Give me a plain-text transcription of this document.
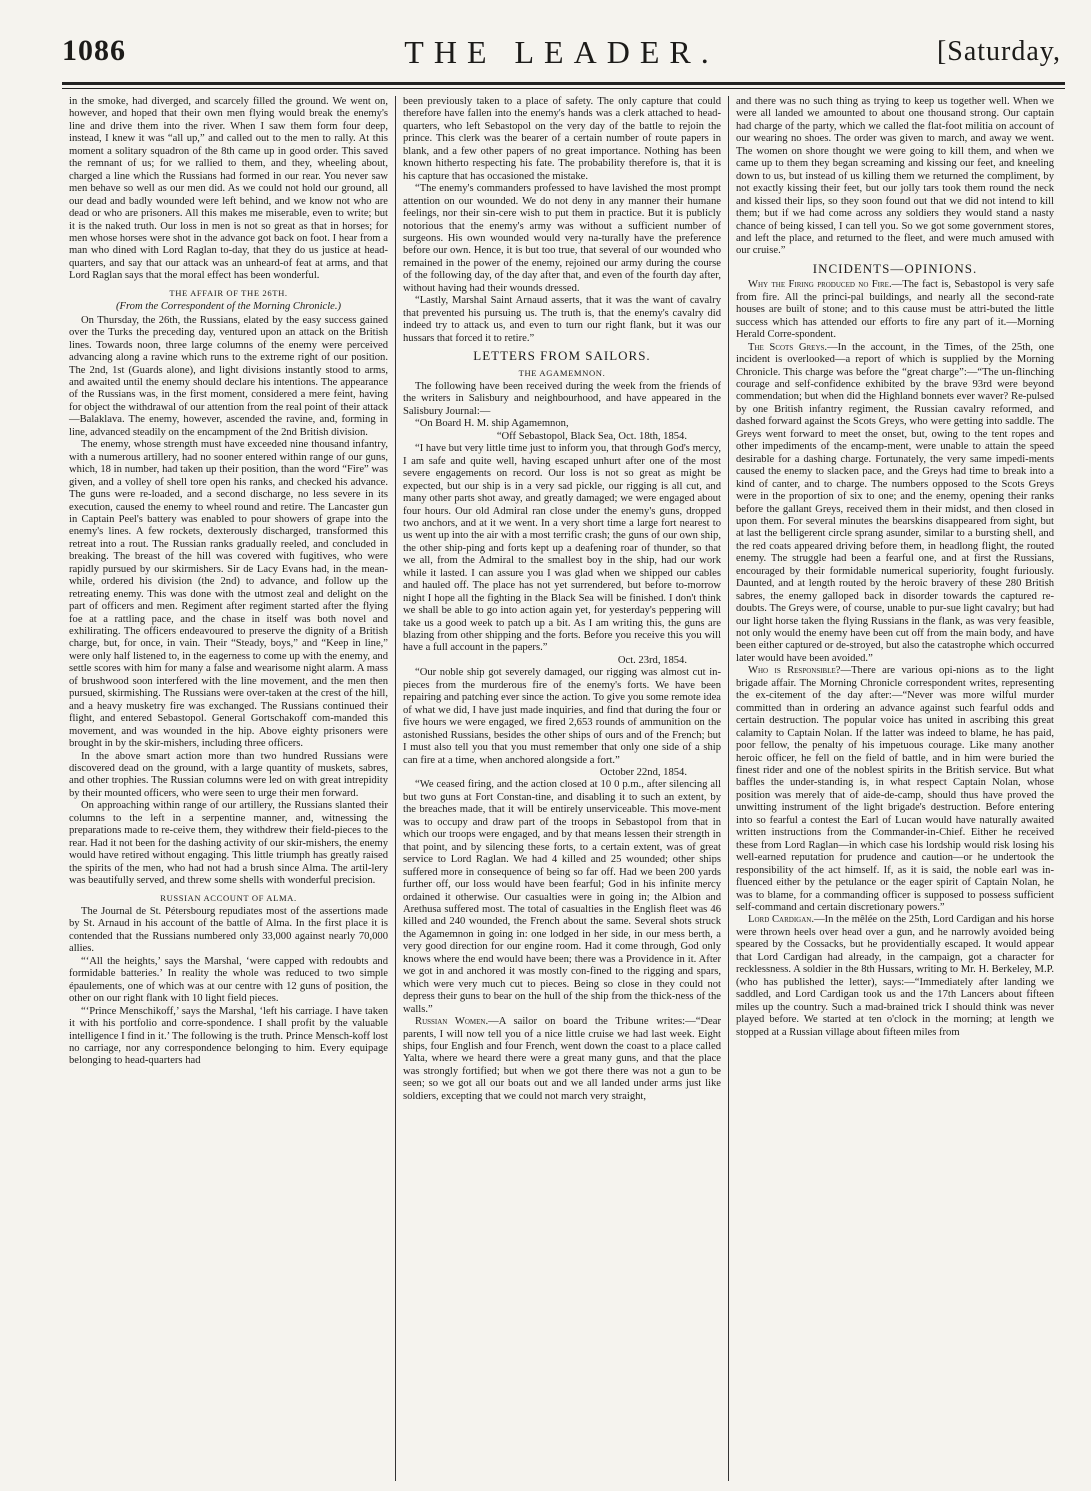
1086	THE LEADER.	[Saturday,

in the smoke, had diverged, and scarcely filled the ground. We went on, however, and hoped that their own men flying would break the enemy's line and drive them into the river. When I saw them form four deep, instead, I knew it was “all up,” and called out to the men to rally. At this moment a solitary squadron of the 8th came up in good order. This saved the remnant of us; for we rallied to them, and they, wheeling about, charged a line which the Russians had formed in our rear. You never saw men behave so well as our men did. As we could not hold our ground, all our dead and badly wounded were left behind, and we know not who are dead or who are prisoners. All this makes me miserable, even to write; but it is the naked truth. Our loss in men is not so great as that in horses; for men whose horses were shot in the advance got back on foot. I hear from a man who dined with Lord Raglan to-day, that they do us justice at head-quarters, and say that our attack was an unheard-of feat at arms, and that Lord Raglan says that the moral effect has been wonderful.

THE AFFAIR OF THE 26TH.
(From the Correspondent of the Morning Chronicle.)

On Thursday, the 26th, the Russians, elated by the easy success gained over the Turks the preceding day, ventured upon an attack on the British lines. Towards noon, three large columns of the enemy were perceived advancing along a ravine which runs to the extreme right of our position. The 2nd, 1st (Guards alone), and light divisions instantly stood to arms, and awaited until the enemy should declare his intentions. The appearance of the Russians was, in the first moment, considered a mere feint, having for object the withdrawal of our attention from the real point of their attack—Balaklava. The enemy, however, ascended the ravine, and, forming in line, advanced steadily on the encampment of the 2nd British division.

The enemy, whose strength must have exceeded nine thousand infantry, with a numerous artillery, had no sooner entered within range of our guns, which, 18 in number, had taken up their position, than the word “Fire” was given, and a volley of shell tore open his ranks, and checked his advance. The guns were re-loaded, and a second discharge, no less severe in its execution, caused the enemy to wheel round and retire. The Lancaster gun in Captain Peel's battery was enabled to pour showers of grape into the enemy's lines. A few rockets, dexterously discharged, transformed this retreat into a rout. The Russian ranks gradually reeled, and concluded in breaking. The breast of the hill was covered with fugitives, who were rapidly pursued by our skirmishers. Sir de Lacy Evans had, in the mean-while, ordered his division (the 2nd) to advance, and follow up the retreating enemy. This was done with the utmost zeal and delight on the part of officers and men. Regiment after regiment started after the flying foe at a rattling pace, and the chase in itself was both novel and exhilirating. The officers endeavoured to preserve the dignity of a British charge, but, for once, in vain. Their “Steady, boys,” and “Keep in line,” were only half listened to, in the eagerness to come up with the enemy, and settle scores with him for many a false and wearisome night alarm. A mass of brushwood soon interfered with the line movement, and the men then pursued, skirmishing. The Russians were over-taken at the crest of the hill, and a heavy musketry fire was exchanged. The Russians continued their flight, and entered Sebastopol. General Gortschakoff com-manded this movement, and was wounded in the hip. Above eighty prisoners were brought in by the skir-mishers, including three officers.

In the above smart action more than two hundred Russians were discovered dead on the ground, with a large quantity of muskets, sabres, and other trophies. The Russian columns were led on with great intrepidity by their mounted officers, who were seen to urge their men forward.

On approaching within range of our artillery, the Russians slanted their columns to the left in a serpentine manner, and, witnessing the preparations made to re-ceive them, they withdrew their field-pieces to the rear. Had it not been for the dashing activity of our skir-mishers, the enemy would have retired without engaging. This little triumph has greatly raised the spirits of the men, who had not had a brush since Alma. The artil-lery was beautifully served, and threw some shells with wonderful precision.

RUSSIAN ACCOUNT OF ALMA.

The Journal de St. Pétersbourg repudiates most of the assertions made by St. Arnaud in his account of the battle of Alma. In the first place it is contended that the Russians numbered only 33,000 against nearly 70,000 allies.

“‘All the heights,’ says the Marshal, ‘were capped with redoubts and formidable batteries.’ In reality the whole was reduced to two simple épaulements, one of which was at our centre with 12 guns of position, the other on our right flank with 10 light field pieces.

“‘Prince Menschikoff,’ says the Marshal, ‘left his carriage. I have taken it with his portfolio and corre-spondence. I shall profit by the valuable intelligence I find in it.’ The following is the truth. Prince Mensch-koff lost no carriage, nor any correspondence belonging to him. Every equipage belonging to head-quarters had

been previously taken to a place of safety. The only capture that could therefore have fallen into the enemy's hands was a clerk attached to head-quarters, who left Sebastopol on the very day of the battle to rejoin the prince. This clerk was the bearer of a certain number of route papers in blank, and a few other papers of no great importance. Nothing has been known hitherto respecting his fate. The probability therefore is, that it is his capture that has occasioned the mistake.

“The enemy's commanders professed to have lavished the most prompt attention on our wounded. We do not deny in any manner their humane feelings, nor their sin-cere wish to put them in practice. But it is publicly notorious that the enemy's army was without a sufficient number of surgeons. His own wounded would very na-turally have the preference before our own. Hence, it is but too true, that several of our wounded who remained in the power of the enemy, rejoined our army during the course of the following day, of the day after that, and even of the fourth day after, without having had their wounds dressed.

“Lastly, Marshal Saint Arnaud asserts, that it was the want of cavalry that prevented his pursuing us. The truth is, that the enemy's cavalry did indeed try to attack us, and even to turn our right flank, but it was our hussars that forced it to retire.”

LETTERS FROM SAILORS.
THE AGAMEMNON.

The following have been received during the week from the friends of the writers in Salisbury and neighbourhood, and have appeared in the Salisbury Journal:—

“On Board H. M. ship Agamemnon,

“Off Sebastopol, Black Sea, Oct. 18th, 1854.

“I have but very little time just to inform you, that through God's mercy, I am safe and quite well, having escaped unhurt after one of the most severe engagements on record. Our loss is not so great as might be expected, but our ship is in a very sad pickle, our rigging is all cut, and many other parts shot away, and greatly damaged; we were engaged about four hours. Our old Admiral ran close under the enemy's guns, dropped two anchors, and at it we went. In a very short time a large fort nearest to us went up into the air with a most terrific crash; the guns of our own ship, the other ship-ping and forts kept up a deafening roar of thunder, so that we all, from the Admiral to the smallest boy in the ship, had our work while it lasted. I can assure you I was glad when we shipped our cables and hauled off. The place has not yet surrendered, but before to-morrow night I hope all the fighting in the Black Sea will be finished. I don't think we shall be able to go into action again yet, for yesterday's peppering will take us a good week to patch up a bit. As I am writing this, the guns are blazing from other shipping and the forts. Before you receive this you will have a full account in the papers.”

Oct. 23rd, 1854.

“Our noble ship got severely damaged, our rigging was almost cut in-pieces from the murderous fire of the enemy's forts. We have been repairing and patching ever since the action. To give you some remote idea of what we did, I have just made inquiries, and find that during the four or five hours we were engaged, we fired 2,653 rounds of ammunition on the astonished Russians, besides the other ships of ours and of the French; but I must also tell you that you must remember that only one side of a ship can fire at a time, when anchored alongside a fort.”

October 22nd, 1854.

“We ceased firing, and the action closed at 10 0 p.m., after silencing all but two guns at Fort Constan-tine, and disabling it to such an extent, by the breaches made, that it will be entirely unserviceable. This move-ment was to occupy and draw part of the troops in Sebastopol from that in which our troops were engaged, and by that means lessen their strength in that point, and by silencing these forts, to a certain extent, was of great service to Lord Raglan. We had 4 killed and 25 wounded; other ships suffered more in consequence of being so far off. Had we been 200 yards further off, our loss would have been fearful; God in his infinite mercy ordained it otherwise. Our casualties were in going in; the Albion and Arethusa suffered most. The total of casualties in the English fleet was 46 killed and 240 wounded, the French about the same. Several shots struck the Agamemnon in going in: one lodged in her side, in our mess berth, a very good direction for our engine room. Had it come through, God only knows where the end would have been; there was a Providence in it. After we got in and anchored it was mostly con-fined to the rigging and spars, which were very much cut to pieces. Being so close in they could not depress their guns to bear on the hull of the ship from the thick-ness of the walls.”

Russian Women.—A sailor on board the Tribune writes:—“Dear parents, I will now tell you of a nice little cruise we had last week. Eight ships, four English and four French, went down the coast to a place called Yalta, where we heard there were a great many guns, and that the place was strongly fortified; but when we got there there was not a gun to be seen; so we got all our boats out and we all landed under arms just like soldiers, excepting that we could not march very straight,

and there was no such thing as trying to keep us together well. When we were all landed we amounted to about one thousand strong. Our captain had charge of the party, which we called the flat-foot militia on account of our wearing no shoes. The order was given to march, and away we went. The women on shore thought we were going to kill them, and when we came up to them they began screaming and kissing our feet, and kneeling down to us, but instead of us killing them we returned the compliment, by not exactly kissing their feet, but our jolly tars took them round the neck and kissed their lips, so they soon found out that we did not intend to kill them; but if we had come across any soldiers they would stand a nasty chance of being kissed, I can tell you. So we got some government stores, and left the place, and returned to the fleet, and were much amused with our cruise.”

INCIDENTS—OPINIONS.

Why the Firing produced no Fire.—The fact is, Sebastopol is very safe from fire. All the princi-pal buildings, and nearly all the second-rate houses are built of stone; and to this cause must be attri-buted the little success which has attended our efforts to fire any part of it.—Morning Herald Corre-spondent.

The Scots Greys.—In the account, in the Times, of the 25th, one incident is overlooked—a report of which is supplied by the Morning Chronicle. This charge was before the “great charge”:—“The un-flinching courage and self-confidence exhibited by the brave 93rd were beyond commendation; but when did the Highland bonnets ever waver? Re-pulsed by one British infantry regiment, the Russian cavalry reformed, and dashed forward against the Scots Greys, who were getting into saddle. The Greys went forward to meet the onset, but, owing to the tent ropes and other impediments of the encamp-ment, were unable to attain the speed desirable for a dashing charge. Fortunately, the very same impedi-ments caused the enemy to slacken pace, and the Greys had time to break into a kind of canter, and to charge. The numbers opposed to the Scots Greys were in the proportion of six to one; and the enemy, opening their ranks before the gallant Greys, received them in their midst, and then closed in upon them. For several minutes the bearskins disappeared from sight, but at last the belligerent circle sprang asunder, similar to a bursting shell, and the red coats appeared driving before them, in headlong flight, the routed enemy. The struggle had been a fearful one, and at first the Russians, encouraged by their formidable numerical superiority, fought furiously. Daunted, and at length routed by the heroic bravery of these 280 British sabres, the enemy galloped back in disorder towards the captured re-doubts. The Greys were, of course, unable to pur-sue light cavalry; but had our light horse taken the flying Russians in the flank, as was very feasible, not only would the enemy have been cut off from the main body, and have been either captured or de-stroyed, but also the catastrophe which occurred later would have been avoided.”

Who is Responsible?—There are various opi-nions as to the light brigade affair. The Morning Chronicle correspondent writes, representing the ex-citement of the day after:—“Never was more wilful murder committed than in ordering an advance against such fearful odds and certain destruction. The popular voice has united in ascribing this great calamity to Captain Nolan. If the latter was indeed to blame, he has paid, poor fellow, the penalty of his impetuous courage. Like many another heroic officer, he fell on the field of battle, and in him were buried the finest rider and one of the noblest spirits in the British service. But what baffles the under-standing is, in what respect Captain Nolan, whose position was merely that of aide-de-camp, should thus have proved the unwitting instrument of the light brigade's destruction. Before entering into so fearful a contest the Earl of Lucan would have naturally awaited written instructions from the Commander-in-Chief. Either he received these from Lord Raglan—in which case his lordship would risk losing his well-earned reputation for prudence and caution—or he undertook the responsibility of the act himself. If, as it is said, the noble earl was in-fluenced either by the petulance or the eager spirit of Captain Nolan, he was to blame, for a commanding officer is supposed to possess sufficient self-command and certain discretionary powers.”

Lord Cardigan.—In the mêlée on the 25th, Lord Cardigan and his horse were thrown heels over head over a gun, and he narrowly avoided being speared by the Cossacks, but he providentially escaped. It would appear that Lord Cardigan had already, in the campaign, got a character for recklessness. A soldier in the 8th Hussars, writing to Mr. H. Berkeley, M.P. (who has published the letter), says:—“Immediately after landing we saddled, and Lord Cardigan took us and the 17th Lancers about fifteen miles up the country. Such a mad-brained trick I should think was never played before. We started at ten o'clock in the morning; at length we stopped at a Russian village about fifteen miles from
